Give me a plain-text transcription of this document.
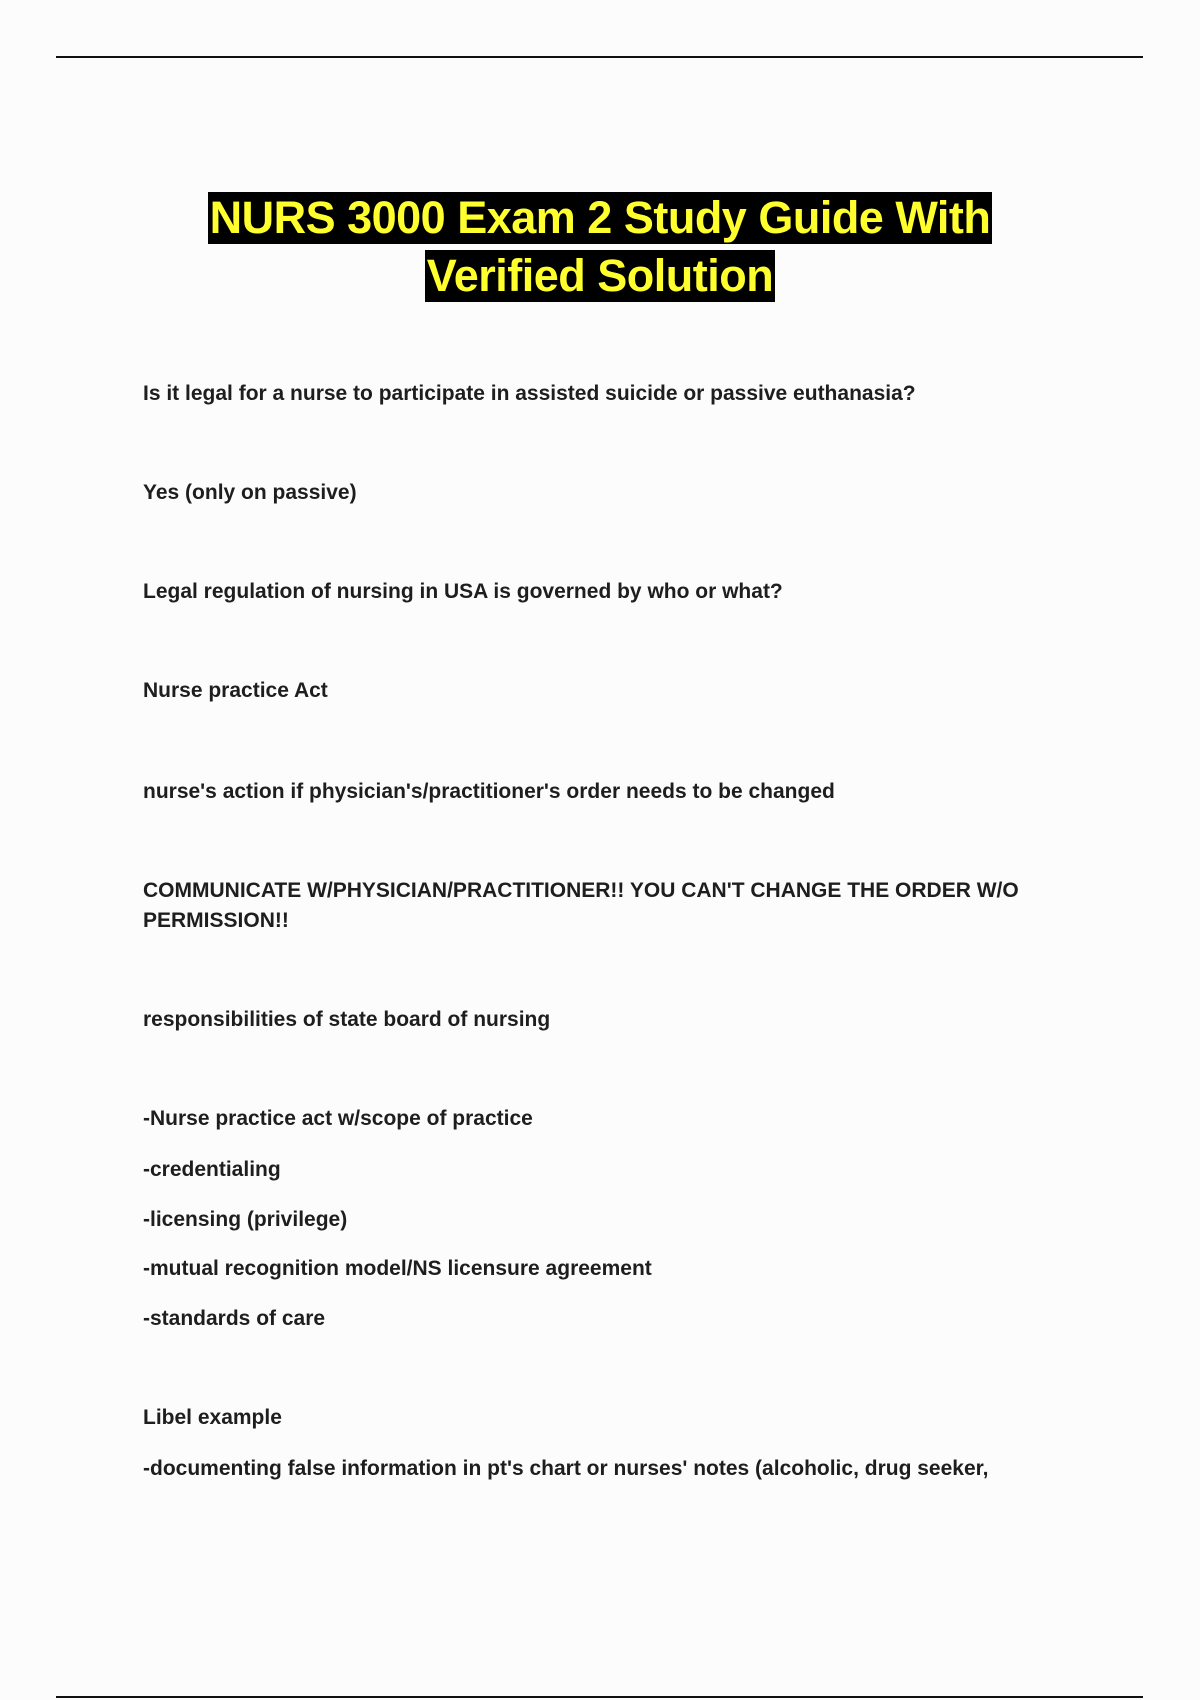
NURS 3000 Exam 2 Study Guide With
Verified Solution
Is it legal for a nurse to participate in assisted suicide or passive euthanasia?
Yes (only on passive)
Legal regulation of nursing in USA is governed by who or what?
Nurse practice Act
nurse's action if physician's/practitioner's order needs to be changed
COMMUNICATE W/PHYSICIAN/PRACTITIONER!! YOU CAN'T CHANGE THE ORDER W/O PERMISSION!!
responsibilities of state board of nursing
-Nurse practice act w/scope of practice
-credentialing
-licensing (privilege)
-mutual recognition model/NS licensure agreement
-standards of care
Libel example
-documenting false information in pt's chart or nurses' notes (alcoholic, drug seeker,
